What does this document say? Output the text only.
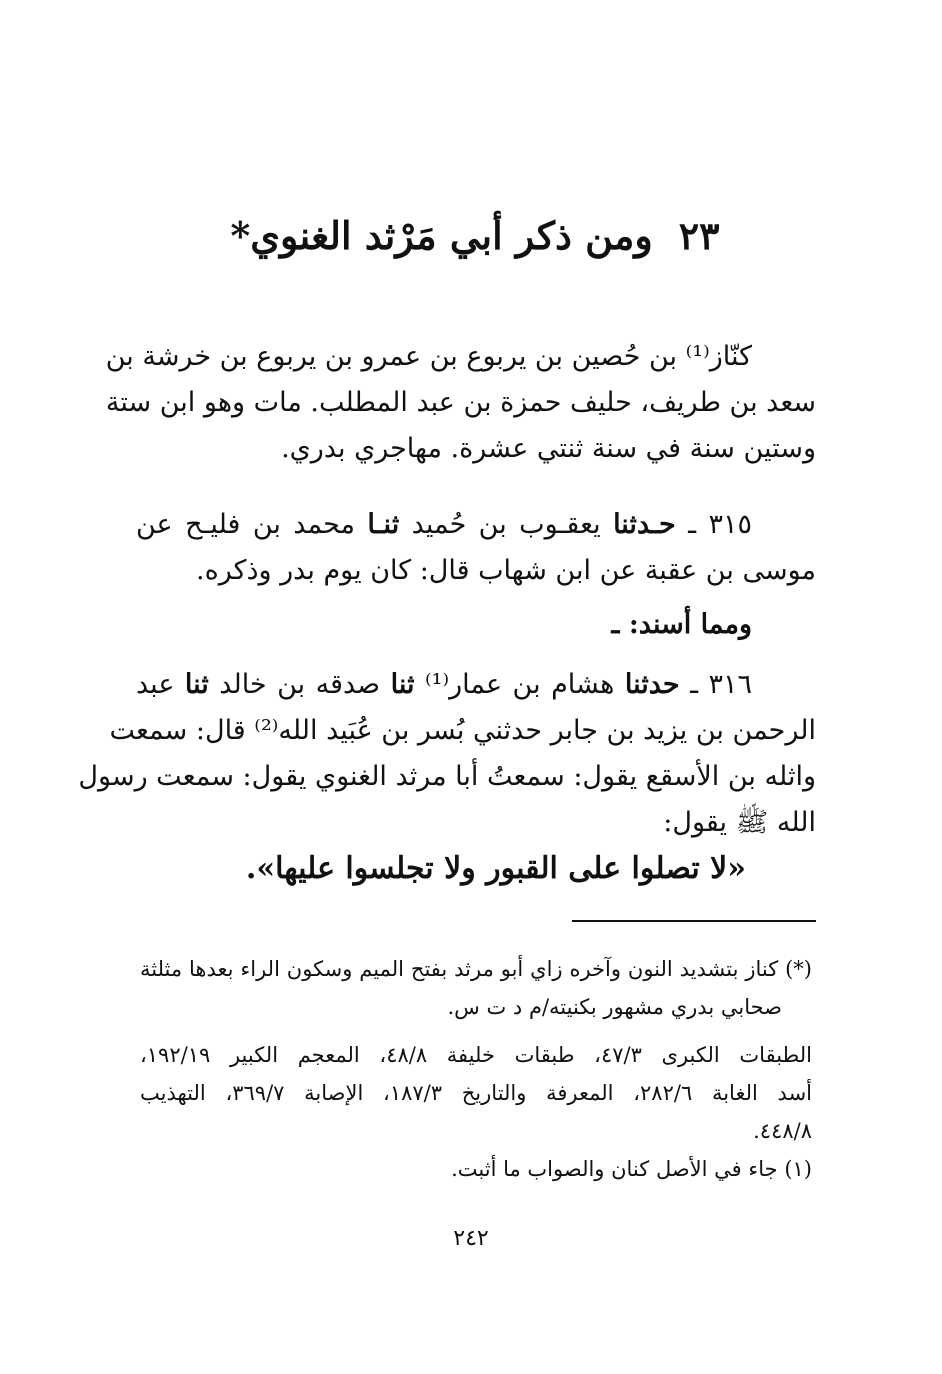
٢٣ومن ذكر أبي مَرْثد الغنوي*
كنّاز⁽¹⁾ بن حُصين بن يربوع بن عمرو بن يربوع بن خرشة بن
سعد بن طريف، حليف حمزة بن عبد المطلب. مات وهو ابن ستة
وستين سنة في سنة ثنتي عشرة. مهاجري بدري.
٣١٥ ـ حـدثنا يعقـوب بن حُميد ثنـا محمد بن فليـح عن
موسى بن عقبة عن ابن شهاب قال: كان يوم بدر وذكره.
ومما أسند: ـ
٣١٦ ـ حدثنا هشام بن عمار⁽¹⁾ ثنا صدقه بن خالد ثنا عبد
الرحمن بن يزيد بن جابر حدثني بُسر بن عُبَيد الله⁽²⁾ قال: سمعت
واثله بن الأسقع يقول: سمعتُ أبا مرثد الغنوي يقول: سمعت رسول
الله ﷺ يقول:
«لا تصلوا على القبور ولا تجلسوا عليها».
(*) كناز بتشديد النون وآخره زاي أبو مرثد بفتح الميم وسكون الراء بعدها مثلثة
صحابي بدري مشهور بكنيته/م د ت س.
الطبقات الكبرى ٤٧/٣، طبقات خليفة ٤٨/٨، المعجم الكبير ١٩٢/١٩،
أسد الغابة ٢٨٢/٦، المعرفة والتاريخ ١٨٧/٣، الإصابة ٣٦٩/٧، التهذيب
٤٤٨/٨.
(١) جاء في الأصل كنان والصواب ما أثبت.
٢٤٢
